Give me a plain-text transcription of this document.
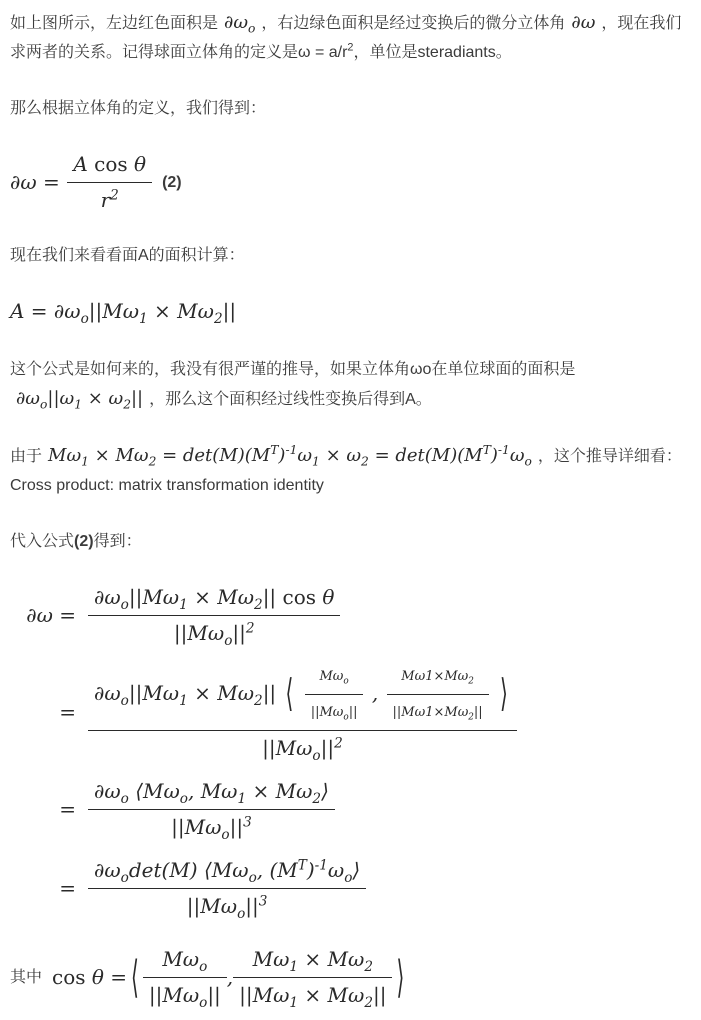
如上图所示，左边红色面积是 $\partial\omega_o$ ，右边绿色面积是经过变换后的微分立体角 ∂ω ，现在我们求两者的关系。记得球面立体角的定义是$\omega = a/r^2$，单位是steradiants。

那么根据立体角的定义，我们得到：

∂ω =
$\frac{\text{A cos θ}}{r^2} (2)$

现在我们来看看面A的面积计算：

$A = \partial\omega_o||M\omega_1 \times M\omega_2||$

这个公式是如何来的，我没有很严谨的推导，如果立体角ωo在单位球面的面积是$\partial\omega_o||\omega_1 \times \omega_2||$ ，那么这个面积经过线性变换后得到A。

由于 $M\omega_1 \times M\omega_2 = \det(M)(M^T)^{-1}\omega_1 \times \omega_2 = \det(M)(M^T)^{-1}\omega_o$ ，这个推导详细看：Cross product: matrix transformation identity

代入公式(2)得到：

$\partial\omega = \frac{\partial\omega_o||M\omega_1 \times M\omega_2|| \cos \theta}{||M\omega_o||^2}$
=
$\partial\omega_o||M\omega_1 \times M\omega_2||$ ⟨ $\frac{M\omega_o}{||M\omega_o||}$ , $\frac{M\omega 1\times M\omega_2}{||M\omega 1\times M\omega_2||}$ ⟩
$||M\omega_o||^2$
= $\frac{\partial\omega_o ⟨M\omega_o, M\omega_1 \times M\omega_2⟩}{||M\omega_o||^3}$
= $\frac{\partial\omega_o\det(M) ⟨M\omega_o, (M^T)^{-1}\omega_o⟩}{||M\omega_o||^3}$
其中 cos θ = ⟨ $\frac{M\omega_o}{||M\omega_o||}$ , $\frac{M\omega_1 \times M\omega_2}{||M\omega_1 \times M\omega_2||}$ ⟩
